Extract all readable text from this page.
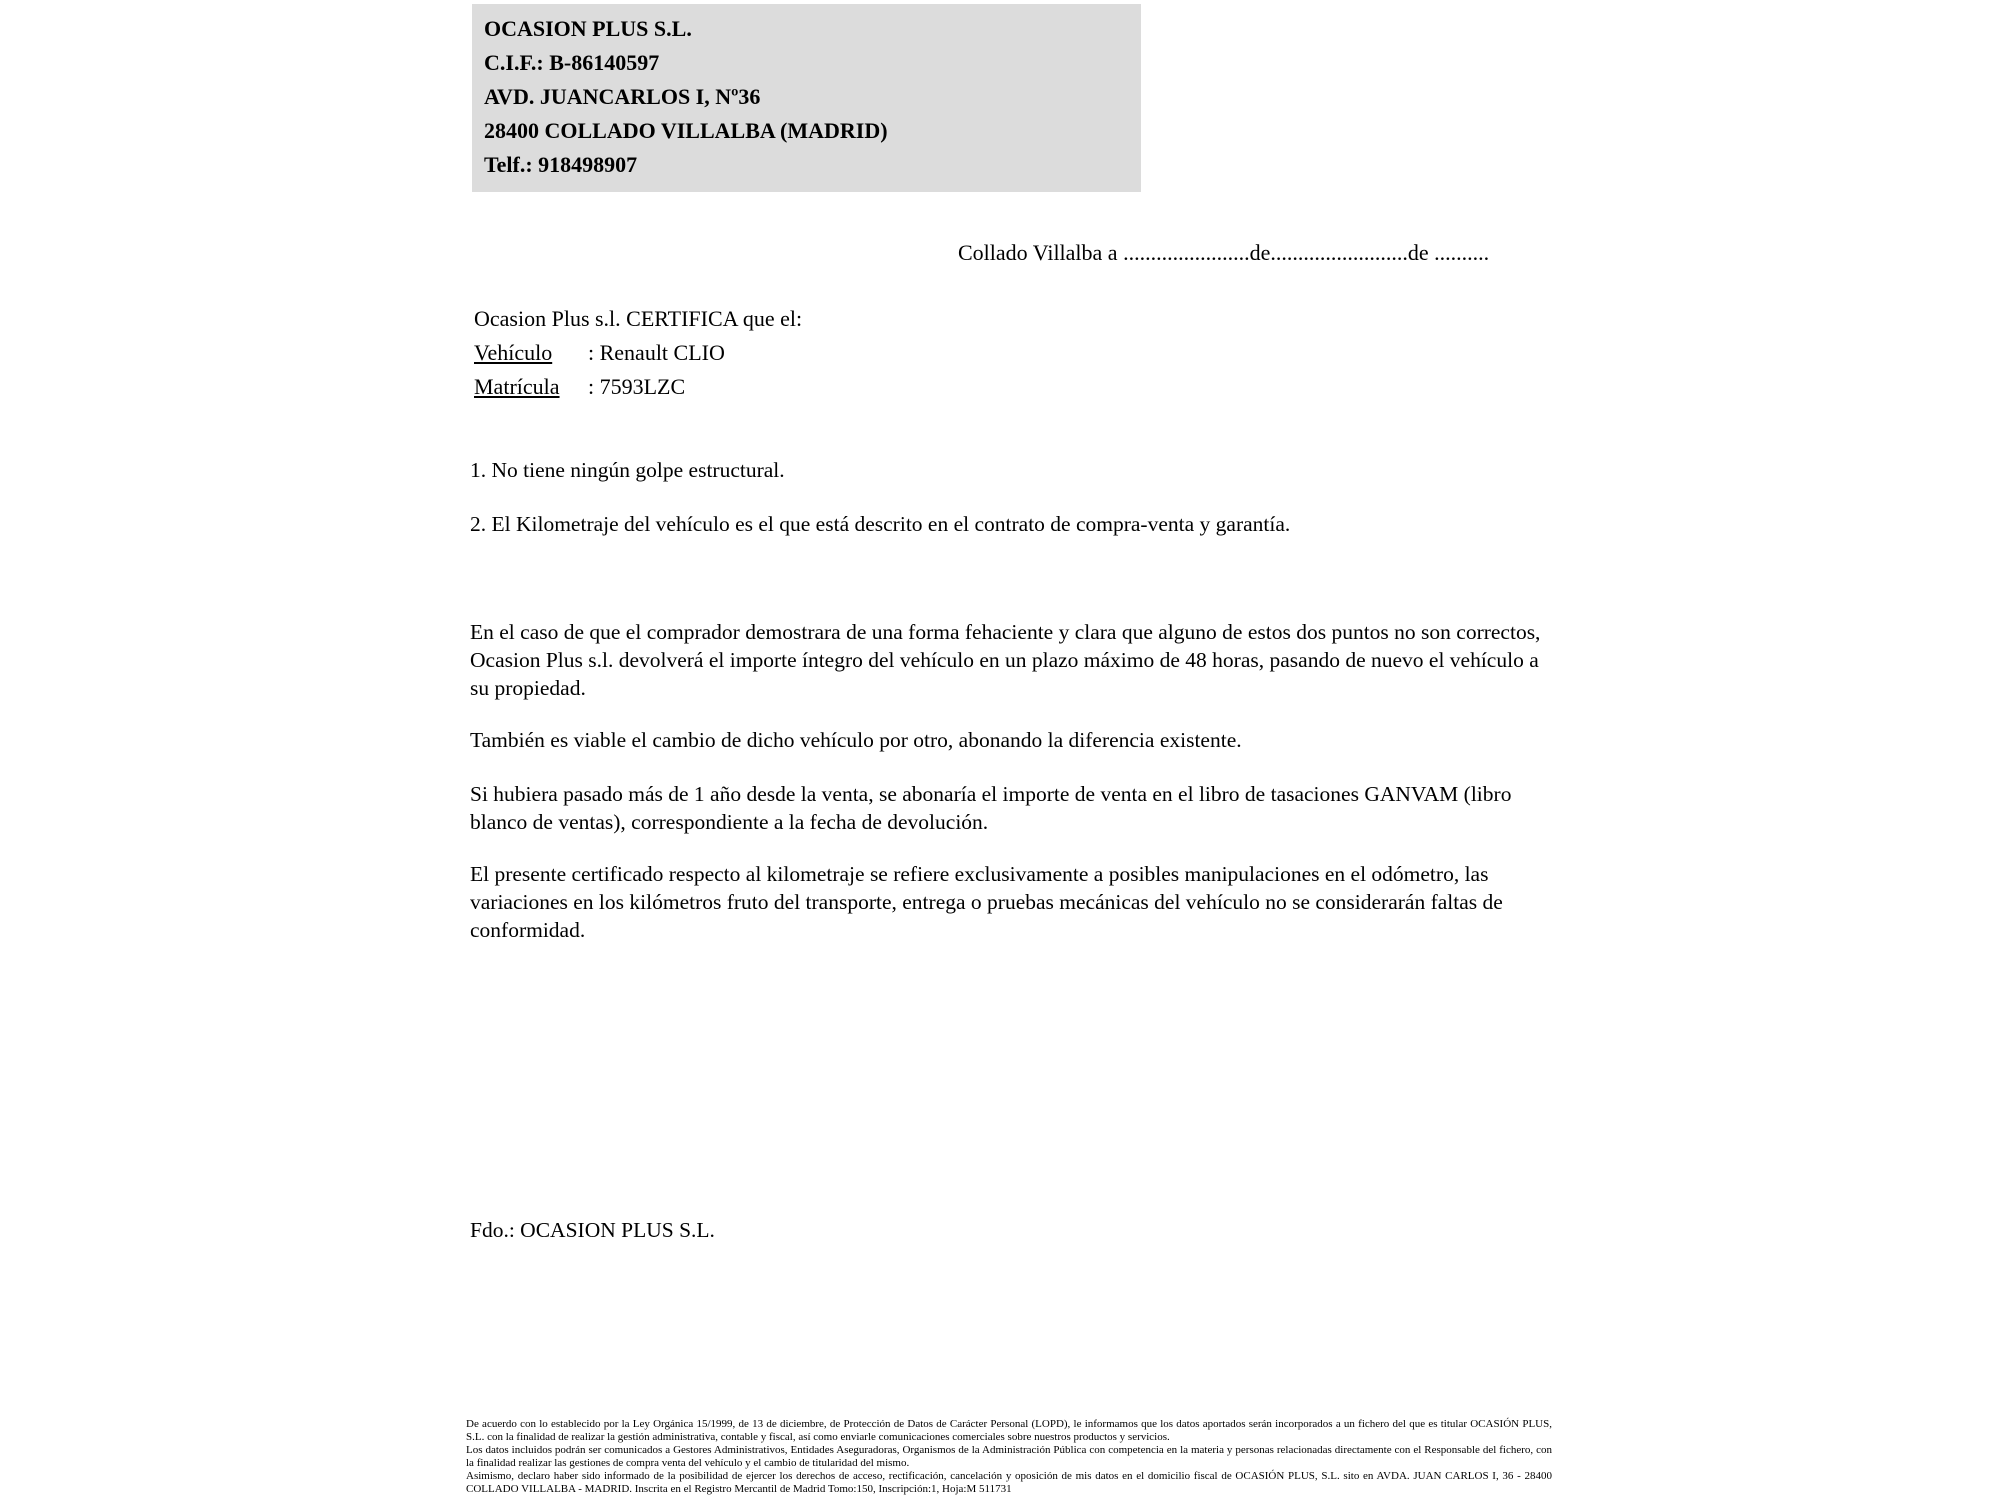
OCASION PLUS S.L.
C.I.F.: B-86140597
AVD. JUANCARLOS I, Nº36
28400 COLLADO VILLALBA (MADRID)
Telf.: 918498907
Collado Villalba a .......................de.........................de ..........
Ocasion Plus s.l. CERTIFICA que el:
Vehículo : Renault CLIO
Matrícula : 7593LZC
1. No tiene ningún golpe estructural.
2. El Kilometraje del vehículo es el que está descrito en el contrato de compra-venta y garantía.
En el caso de que el comprador demostrara de una forma fehaciente y clara que alguno de estos dos puntos no son correctos, Ocasion Plus s.l. devolverá el importe íntegro del vehículo en un plazo máximo de 48 horas, pasando de nuevo el vehículo a su propiedad.
También es viable el cambio de dicho vehículo por otro, abonando la diferencia existente.
Si hubiera pasado más de 1 año desde la venta, se abonaría el importe de venta en el libro de tasaciones GANVAM (libro blanco de ventas), correspondiente a la fecha de devolución.
El presente certificado respecto al kilometraje se refiere exclusivamente a posibles manipulaciones en el odómetro, las variaciones en los kilómetros fruto del transporte, entrega o pruebas mecánicas del vehículo no se considerarán faltas de conformidad.
Fdo.: OCASION PLUS S.L.
De acuerdo con lo establecido por la Ley Orgánica 15/1999, de 13 de diciembre, de Protección de Datos de Carácter Personal (LOPD), le informamos que los datos aportados serán incorporados a un fichero del que es titular OCASIÓN PLUS, S.L. con la finalidad de realizar la gestión administrativa, contable y fiscal, así como enviarle comunicaciones comerciales sobre nuestros productos y servicios.
Los datos incluidos podrán ser comunicados a Gestores Administrativos, Entidades Aseguradoras, Organismos de la Administración Pública con competencia en la materia y personas relacionadas directamente con el Responsable del fichero, con la finalidad realizar las gestiones de compra venta del vehículo y el cambio de titularidad del mismo.
Asimismo, declaro haber sido informado de la posibilidad de ejercer los derechos de acceso, rectificación, cancelación y oposición de mis datos en el domicilio fiscal de OCASIÓN PLUS, S.L. sito en AVDA. JUAN CARLOS I, 36 - 28400 COLLADO VILLALBA - MADRID. Inscrita en el Registro Mercantil de Madrid Tomo:150, Inscripción:1, Hoja:M 511731
